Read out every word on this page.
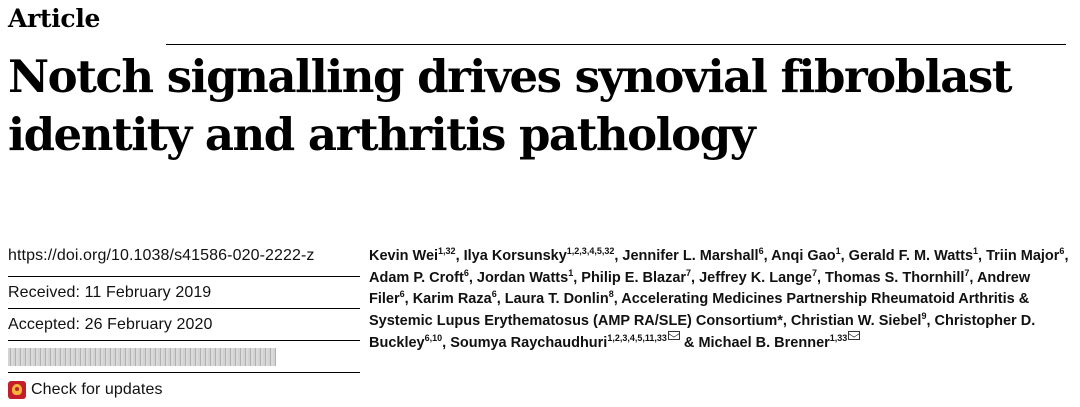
Article
Notch signalling drives synovial fibroblast identity and arthritis pathology
https://doi.org/10.1038/s41586-020-2222-z
Received: 11 February 2019
Accepted: 26 February 2020
Check for updates
Kevin Wei$^{1,32}$, Ilya Korsunsky$^{1,2,3,4,5,32}$, Jennifer L. Marshall$^6$, Anqi Gao$^1$, Gerald F. M. Watts$^1$, Triin Major$^6$, Adam P. Croft$^6$, Jordan Watts$^1$, Philip E. Blazar$^7$, Jeffrey K. Lange$^7$, Thomas S. Thornhill$^7$, Andrew Filer$^6$, Karim Raza$^6$, Laura T. Donlin$^8$, Accelerating Medicines Partnership Rheumatoid Arthritis & Systemic Lupus Erythematosus (AMP RA/SLE) Consortium*, Christian W. Siebel$^9$, Christopher D. Buckley$^{6,10}$, Soumya Raychaudhuri$^{1,2,3,4,5,11,33}$ & Michael B. Brenner$^{1,33}$
